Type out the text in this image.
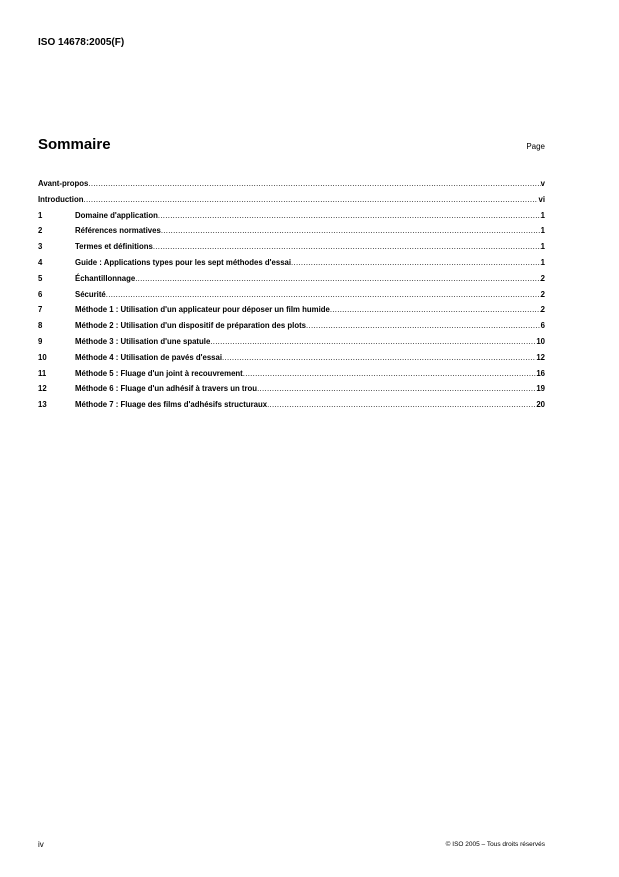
ISO 14678:2005(F)
Sommaire	Page
Avant-propos .....	v
Introduction .....	vi
1	Domaine d'application .....	1
2	Références normatives .....	1
3	Termes et définitions .....	1
4	Guide : Applications types pour les sept méthodes d'essai .....	1
5	Échantillonnage .....	2
6	Sécurité .....	2
7	Méthode 1 : Utilisation d'un applicateur pour déposer un film humide .....	2
8	Méthode 2 : Utilisation d'un dispositif de préparation des plots .....	6
9	Méthode 3 : Utilisation d'une spatule .....	10
10	Méthode 4 : Utilisation de pavés d'essai .....	12
11	Méthode 5 : Fluage d'un joint à recouvrement .....	16
12	Méthode 6 : Fluage d'un adhésif à travers un trou .....	19
13	Méthode 7 : Fluage des films d'adhésifs structuraux .....	20
iv	© ISO 2005 – Tous droits réservés
